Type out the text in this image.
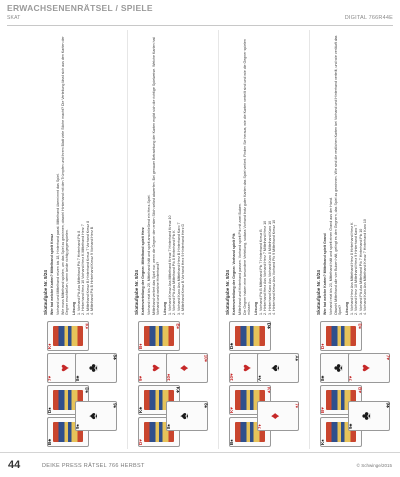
ERWACHSENENRÄTSEL / SPIELE
SKAT	DIGITAL 766R44E
B♣
D♠
D♠
7♥
♥
K♦
K♦
9♠
♠
9♠
8♣
♣
8♣
Skataufgabe Nr. 8/24 Wer hat welche Karten? Mittelhand spielt Kreuz Vorhand und Mittelhand reizen bis 18, Hinterhand passt. Mittelhand übernimmt das Spiel. Wie muss Mittelhand spielen, um das Spiel zu gewinnen, obwohl Hinterhand mit den Trümpfen und ihrem Blatt viele Stiche macht? Die Verteilung lässt sich aus den Karten der Gegner erschließen, wenn beide richtig gegenspielen. Lösung 1. Vorhand Pik Ass Mittelhand Pik 7 Hinterhand Pik 8 2. Hinterhand Herz 10 Vorhand Herz K Mittelhand Herz 7 3. Mittelhand Kreuz B Hinterhand Kreuz 7 Vorhand Kreuz 8 4. Mittelhand Pik B Hinterhand Kreuz 9 Vorhand Herz B
D♥
K♣
K♣
9♥
♥
B♦
B♦
8♠
♠
8♠
10♦
♦
10♦
Skataufgabe Nr. 8/24 Kartenverteilung der Gegner. Mittelhand spielt Herz Vorhand reizt bis 20, Mittelhand hält und spielt anschließend ein Herz-Spiel. Mittelhand verliert das Spiel nur, wenn die Gegner den ersten Stich selbst abwerfen. Bei genauer Betrachtung der Karten ergibt sich die richtige Spielweise. Welche Karten hat Vorhand und welche Hinterhand? Lösung 1. Vorhand Kreuz Ass Mittelhand Kreuz 7 Hinterhand Kreuz 10 2. Vorhand Pik Ass Mittelhand Pik 8 Hinterhand Pik K 3. Vorhand Karo Ass Mittelhand Herz B Hinterhand Karo 7 4. Mittelhand Kreuz B Vorhand Herz 9 Hinterhand Herz D
B♠
K♥
K♥
10♥
♥
D♣
D♣
7♦
♦
7♦
A♠
♠
A♠
Skataufgabe Nr. 8/24 Kartenverteilung der Gegner. Vorhand spielt Pik Mittelhand und Hinterhand passen. Vorhand spielt Pik mit zwei Buben. Die Gegner haben eine besondere Verteilung, sodass Vorhand trotz guter Karten das Spiel verliert. Finden Sie heraus, wie die Karten verteilt sind und wie die Gegner spielen müssen. Lösung 1. Vorhand Pik B Mittelhand Pik 7 Hinterhand Kreuz B 2. Hinterhand Herz Ass Vorhand Herz 7 Mittelhand Herz 10 3. Hinterhand Karo Ass Vorhand Karo 8 Mittelhand Karo 10 4. Hinterhand Kreuz Ass Vorhand Pik 9 Mittelhand Kreuz 10
K♠
B♥
B♥
8♣
♣
D♦
D♦
9♣
♣
9♣
7♥
♥
7♥
Skataufgabe Nr. 8/24 Wer hat welche Karten? Mittelhand spielt Grand Vorhand reizt bis 23, Mittelhand hält und spielt einen Grand aus der Hand. Obwohl Mittelhand alle vier Buben hält, gelingt es den Gegnern, das Spiel zu gewinnen. Wie sind die restlichen Karten bei Vorhand und Hinterhand verteilt, und wie verläuft das Spiel? Lösung 1. Vorhand Herz Ass Mittelhand Herz 8 Hinterhand Herz K 2. Vorhand Herz 10 Mittelhand Herz 9 Hinterhand Karo 7 3. Vorhand Pik Ass Mittelhand Pik 7 Hinterhand Pik 10 4. Vorhand Karo Ass Mittelhand Kreuz 7 Hinterhand Karo 10
44	DEIKE PRESS RÄTSEL 766 HERBST	© Schwinge/2015
